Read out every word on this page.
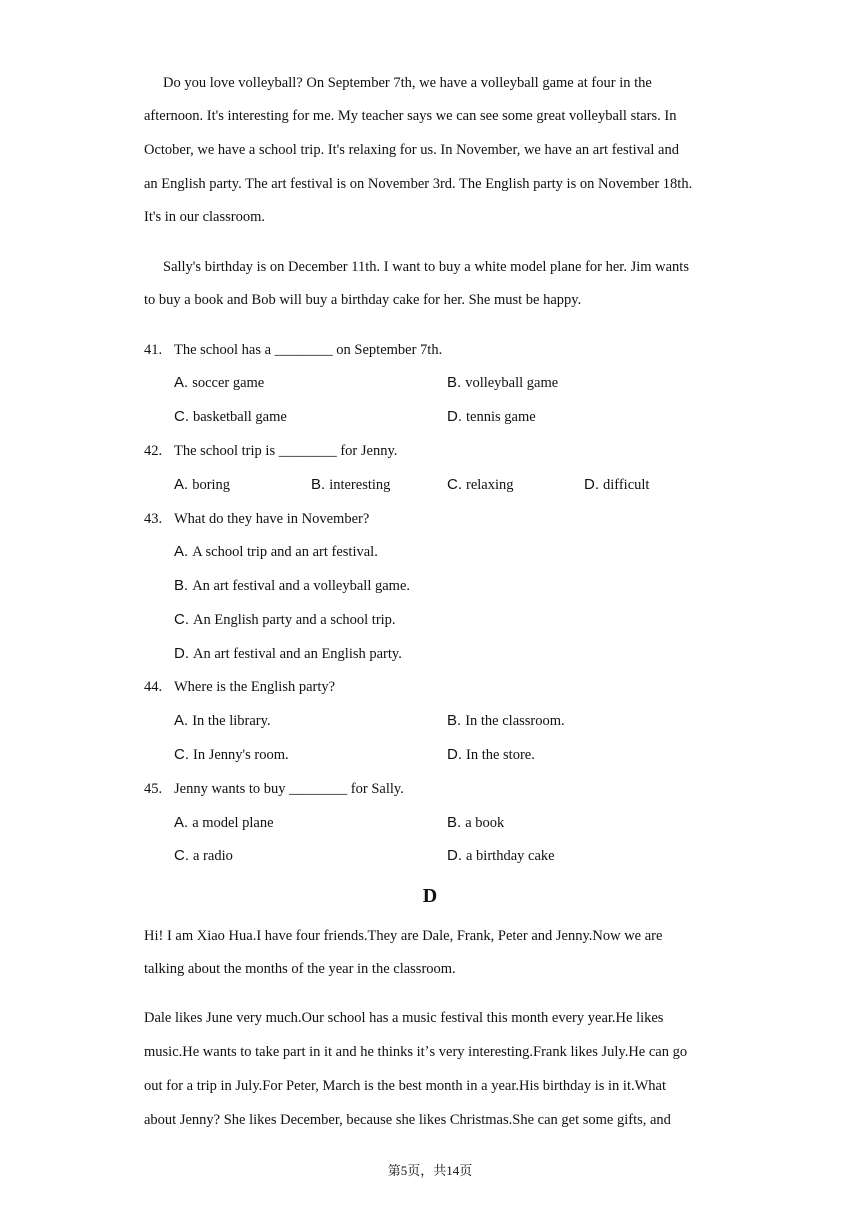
Do you love volleyball? On September 7th, we have a volleyball game at four in the
afternoon. It's interesting for me. My teacher says we can see some great volleyball stars. In
October, we have a school trip. It's relaxing for us. In November, we have an art festival and
an English party. The art festival is on November 3rd. The English party is on November 18th.
It's in our classroom.
Sally's birthday is on December 11th. I want to buy a white model plane for her. Jim wants
to buy a book and Bob will buy a birthday cake for her. She must be happy.
41. The school has a ________ on September 7th.
A. soccer game	B. volleyball game
C. basketball game	D. tennis game
42. The school trip is ________ for Jenny.
A. boring	B. interesting	C. relaxing	D. difficult
43. What do they have in November?
A. A school trip and an art festival.
B. An art festival and a volleyball game.
C. An English party and a school trip.
D. An art festival and an English party.
44. Where is the English party?
A. In the library.	B. In the classroom.
C. In Jenny's room.	D. In the store.
45. Jenny wants to buy ________ for Sally.
A. a model plane	B. a book
C. a radio	D. a birthday cake
D
Hi! I am Xiao Hua.I have four friends.They are Dale, Frank, Peter and Jenny.Now we are
talking about the months of the year in the classroom.
Dale likes June very much.Our school has a music festival this month every year.He likes
music.He wants to take part in it and he thinks itʼs very interesting.Frank likes July.He can go
out for a trip in July.For Peter, March is the best month in a year.His birthday is in it.What
about Jenny? She likes December, because she likes Christmas.She can get some gifts, and
第5页，共14页
